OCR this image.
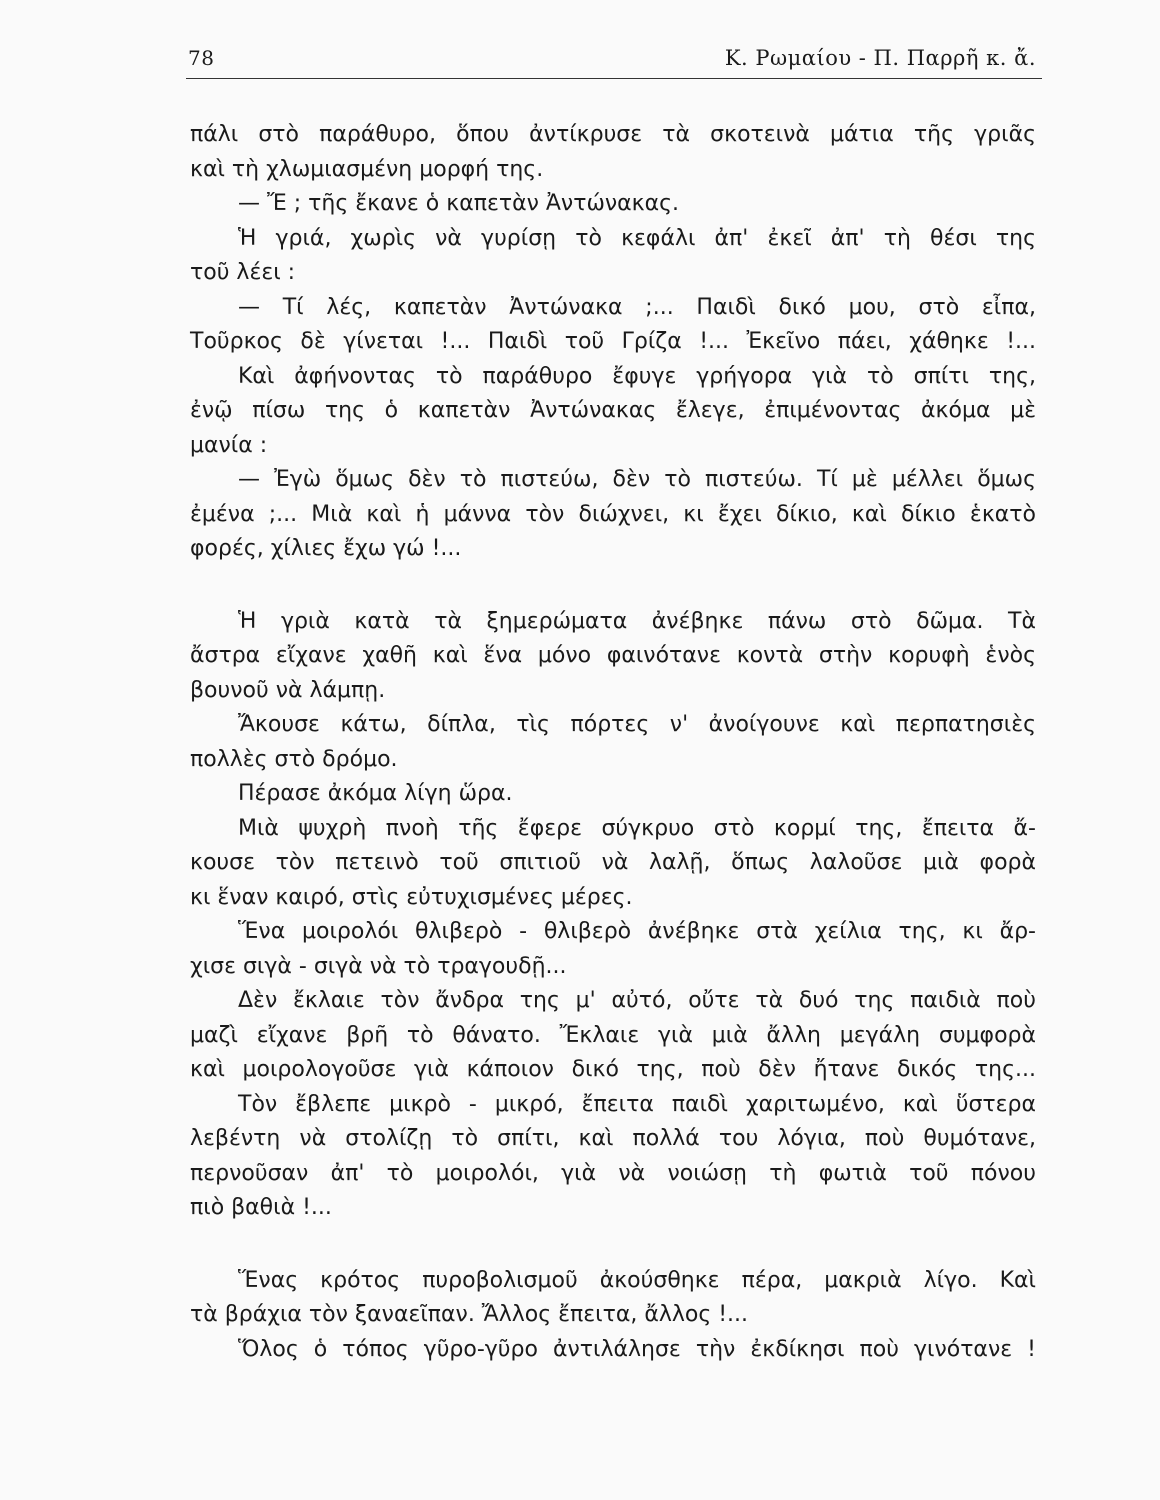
78	Κ. Ρωμαίου - Π. Παρρῆ κ. ἄ.
πάλι στὸ παράθυρο, ὅπου ἀντίκρυσε τὰ σκοτεινὰ μάτια τῆς γριᾶς
καὶ τὴ χλωμιασμένη μορφή της.
— Ἔ ; τῆς ἔκανε ὁ καπετὰν Ἀντώνακας.
Ἡ γριά, χωρὶς νὰ γυρίσῃ τὸ κεφάλι ἀπ' ἐκεῖ ἀπ' τὴ θέσι της
τοῦ λέει :
— Τί λές, καπετὰν Ἀντώνακα ;... Παιδὶ δικό μου, στὸ εἶπα,
Τοῦρκος δὲ γίνεται !... Παιδὶ τοῦ Γρίζα !... Ἐκεῖνο πάει, χάθηκε !...
Καὶ ἀφήνοντας τὸ παράθυρο ἔφυγε γρήγορα γιὰ τὸ σπίτι της,
ἐνῷ πίσω της ὁ καπετὰν Ἀντώνακας ἔλεγε, ἐπιμένοντας ἀκόμα μὲ
μανία :
— Ἐγὼ ὅμως δὲν τὸ πιστεύω, δὲν τὸ πιστεύω. Τί μὲ μέλλει ὅμως
ἐμένα ;... Μιὰ καὶ ἡ μάννα τὸν διώχνει, κι ἔχει δίκιο, καὶ δίκιο ἑκατὸ
φορές, χίλιες ἔχω γώ !...
Ἡ γριὰ κατὰ τὰ ξημερώματα ἀνέβηκε πάνω στὸ δῶμα. Τὰ
ἄστρα εἴχανε χαθῆ καὶ ἕνα μόνο φαινότανε κοντὰ στὴν κορυφὴ ἑνὸς
βουνοῦ νὰ λάμπῃ.
Ἄκουσε κάτω, δίπλα, τὶς πόρτες ν' ἀνοίγουνε καὶ περπατησιὲς
πολλὲς στὸ δρόμο.
Πέρασε ἀκόμα λίγη ὥρα.
Μιὰ ψυχρὴ πνοὴ τῆς ἔφερε σύγκρυο στὸ κορμί της, ἔπειτα ἄ-
κουσε τὸν πετεινὸ τοῦ σπιτιοῦ νὰ λαλῇ, ὅπως λαλοῦσε μιὰ φορὰ
κι ἕναν καιρό, στὶς εὐτυχισμένες μέρες.
Ἕνα μοιρολόι θλιβερὸ - θλιβερὸ ἀνέβηκε στὰ χείλια της, κι ἄρ-
χισε σιγὰ - σιγὰ νὰ τὸ τραγουδῇ...
Δὲν ἔκλαιε τὸν ἄνδρα της μ' αὐτό, οὔτε τὰ δυό της παιδιὰ ποὺ
μαζὶ εἴχανε βρῆ τὸ θάνατο. Ἔκλαιε γιὰ μιὰ ἄλλη μεγάλη συμφορὰ
καὶ μοιρολογοῦσε γιὰ κάποιον δικό της, ποὺ δὲν ἤτανε δικός της...
Τὸν ἔβλεπε μικρὸ - μικρό, ἔπειτα παιδὶ χαριτωμένο, καὶ ὕστερα
λεβέντη νὰ στολίζῃ τὸ σπίτι, καὶ πολλά του λόγια, ποὺ θυμότανε,
περνοῦσαν ἀπ' τὸ μοιρολόι, γιὰ νὰ νοιώσῃ τὴ φωτιὰ τοῦ πόνου
πιὸ βαθιὰ !...
Ἕνας κρότος πυροβολισμοῦ ἀκούσθηκε πέρα, μακριὰ λίγο. Καὶ
τὰ βράχια τὸν ξαναεῖπαν. Ἄλλος ἔπειτα, ἄλλος !...
Ὅλος ὁ τόπος γῦρο-γῦρο ἀντιλάλησε τὴν ἐκδίκησι ποὺ γινότανε !
